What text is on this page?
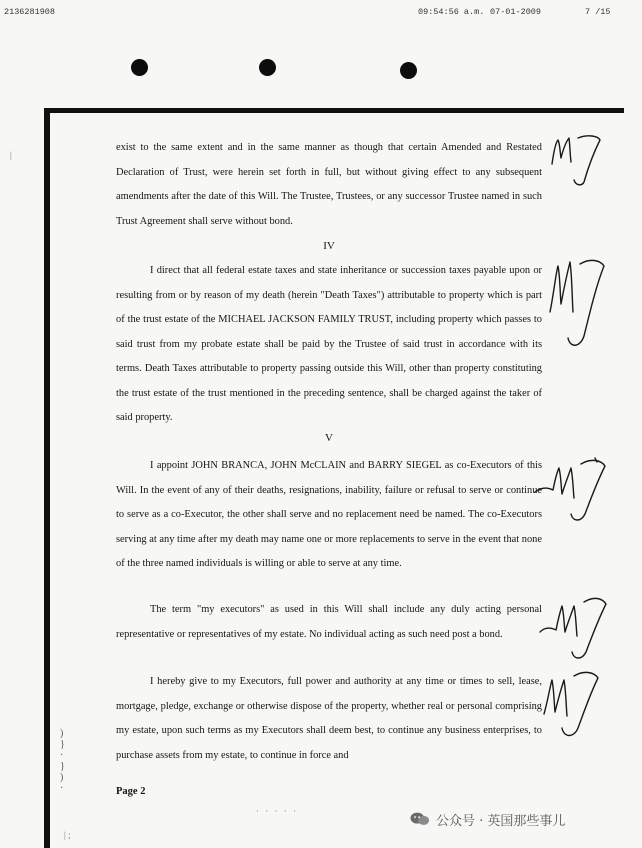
2136281908	09:54:56 a.m. 07-01-2009	7 /15
|
exist to the same extent and in the same manner as though that certain Amended and Restated Declaration of Trust, were herein set forth in full, but without giving effect to any subsequent amendments after the date of this Will. The Trustee, Trustees, or any successor Trustee named in such Trust Agreement shall serve without bond.
IV
I direct that all federal estate taxes and state inheritance or succession taxes payable upon or resulting from or by reason of my death (herein "Death Taxes") attributable to property which is part of the trust estate of the MICHAEL JACKSON FAMILY TRUST, including property which passes to said trust from my probate estate shall be paid by the Trustee of said trust in accordance with its terms. Death Taxes attributable to property passing outside this Will, other than property constituting the trust estate of the trust mentioned in the preceding sentence, shall be charged against the taker of said property.
V
I appoint JOHN BRANCA, JOHN McCLAIN and BARRY SIEGEL as co-Executors of this Will. In the event of any of their deaths, resignations, inability, failure or refusal to serve or continue to serve as a co-Executor, the other shall serve and no replacement need be named. The co-Executors serving at any time after my death may name one or more replacements to serve in the event that none of the three named individuals is willing or able to serve at any time.
The term "my executors" as used in this Will shall include any duly acting personal representative or representatives of my estate. No individual acting as such need post a bond.
I hereby give to my Executors, full power and authority at any time or times to sell, lease, mortgage, pledge, exchange or otherwise dispose of the property, whether real or personal comprising my estate, upon such terms as my Executors shall deem best, to continue any business enterprises, to purchase assets from my estate, to continue in force and
)
}
·
}
)
·	Page 2
· · · · ·
| ;
公众号 · 英国那些事儿
